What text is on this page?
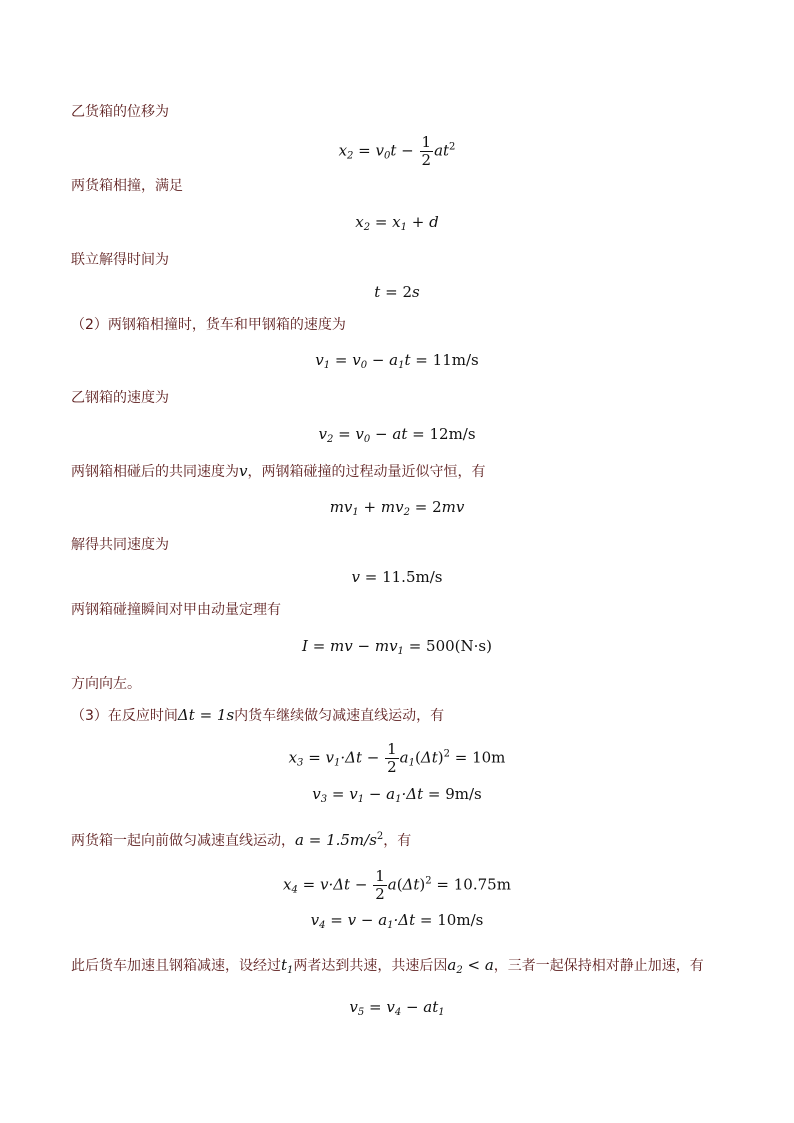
乙货箱的位移为
$x_2 = v_0t - \frac{1}{2} at^2$
两货箱相撞，满足
$x_2 = x_1 + d$
联立解得时间为
t = 2s
（2）两钢箱相撞时，货车和甲钢箱的速度为
$v_1 = v_0 - a_1t = 11m/s$
乙钢箱的速度为
$v_2 = v_0$ − at = 12m/s
两钢箱相碰后的共同速度为v，两钢箱碰撞的过程动量近似守恒，有
$mv_1 + mv_2 = 2mv$
解得共同速度为
v = 11.5m/s
两钢箱碰撞瞬间对甲由动量定理有
I = mv − $mv_1 = 500(N\cdot s)$
方向向左。
（3）在反应时间Δt = 1s内货车继续做匀减速直线运动，有
$x_3 = v_1\cdot\Delta t - \frac{1}{2} a_1(\Delta t)^2 = 10m$
$v_3 = v_1 - a_1\cdot\Delta t = 9m/s$
两货箱一起向前做匀减速直线运动，$a = 1.5m/s^2$，有
$x_4 = v\cdot\Delta t - \frac{1}{2} a(\Delta t)^2 = 10.75m$
$v_4 = v - a_1\cdot\Delta t = 10m/s$
此后货车加速且钢箱减速，设经过$t_1$两者达到共速，共速后因$a_2 < a$，三者一起保持相对静止加速，有
$v_5 = v_4 - at_1$
